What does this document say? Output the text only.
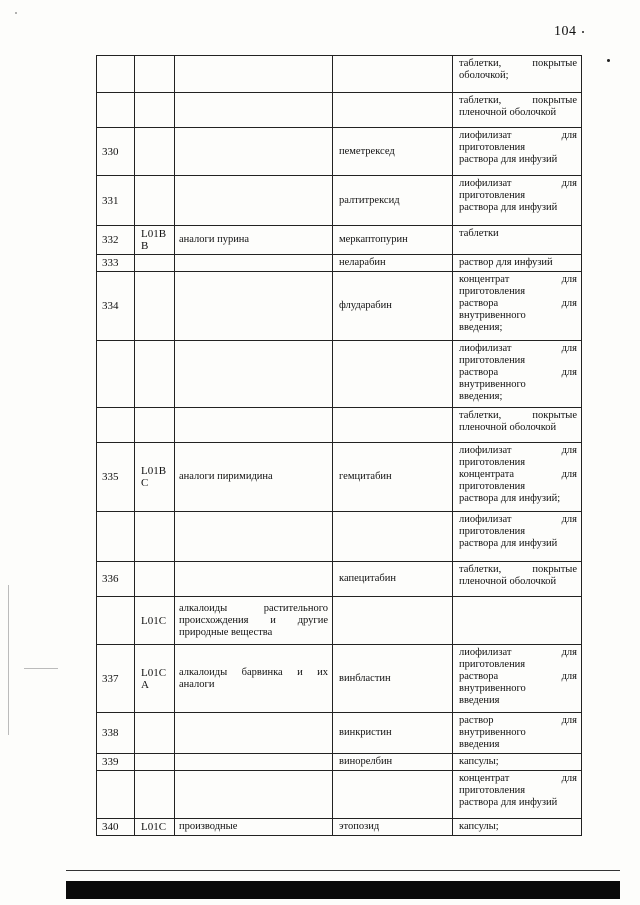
104

				таблетки, покрытые
оболочкой;

				таблетки, покрытые
пленочной оболочкой

330			пеметрексед	лиофилизат для
приготовления
раствора для инфузий

331			ралтитрексид	лиофилизат для
приготовления
раствора для инфузий

332	L01B
B	аналоги пурина	меркаптопурин	таблетки

333			неларабин	раствор для инфузий

334			флударабин	концентрат для
приготовления
раствора для
внутривенного
введения;

				лиофилизат для
приготовления
раствора для
внутривенного
введения;

				таблетки, покрытые
пленочной оболочкой

335	L01B
C	аналоги пиримидина	гемцитабин	лиофилизат для
приготовления
концентрата для
приготовления
раствора для инфузий;

				лиофилизат для
приготовления
раствора для инфузий

336			капецитабин	таблетки, покрытые
пленочной оболочкой

	L01C	алкалоиды растительного происхождения и другие природные вещества		
337	L01C
A	алкалоиды барвинка и их аналоги	винбластин	лиофилизат для
приготовления
раствора для
внутривенного
введения

338			винкристин	раствор для
внутривенного
введения

339			винорелбин	капсулы;

				концентрат для
приготовления
раствора для инфузий

340	L01C	производные	этопозид	капсулы;
